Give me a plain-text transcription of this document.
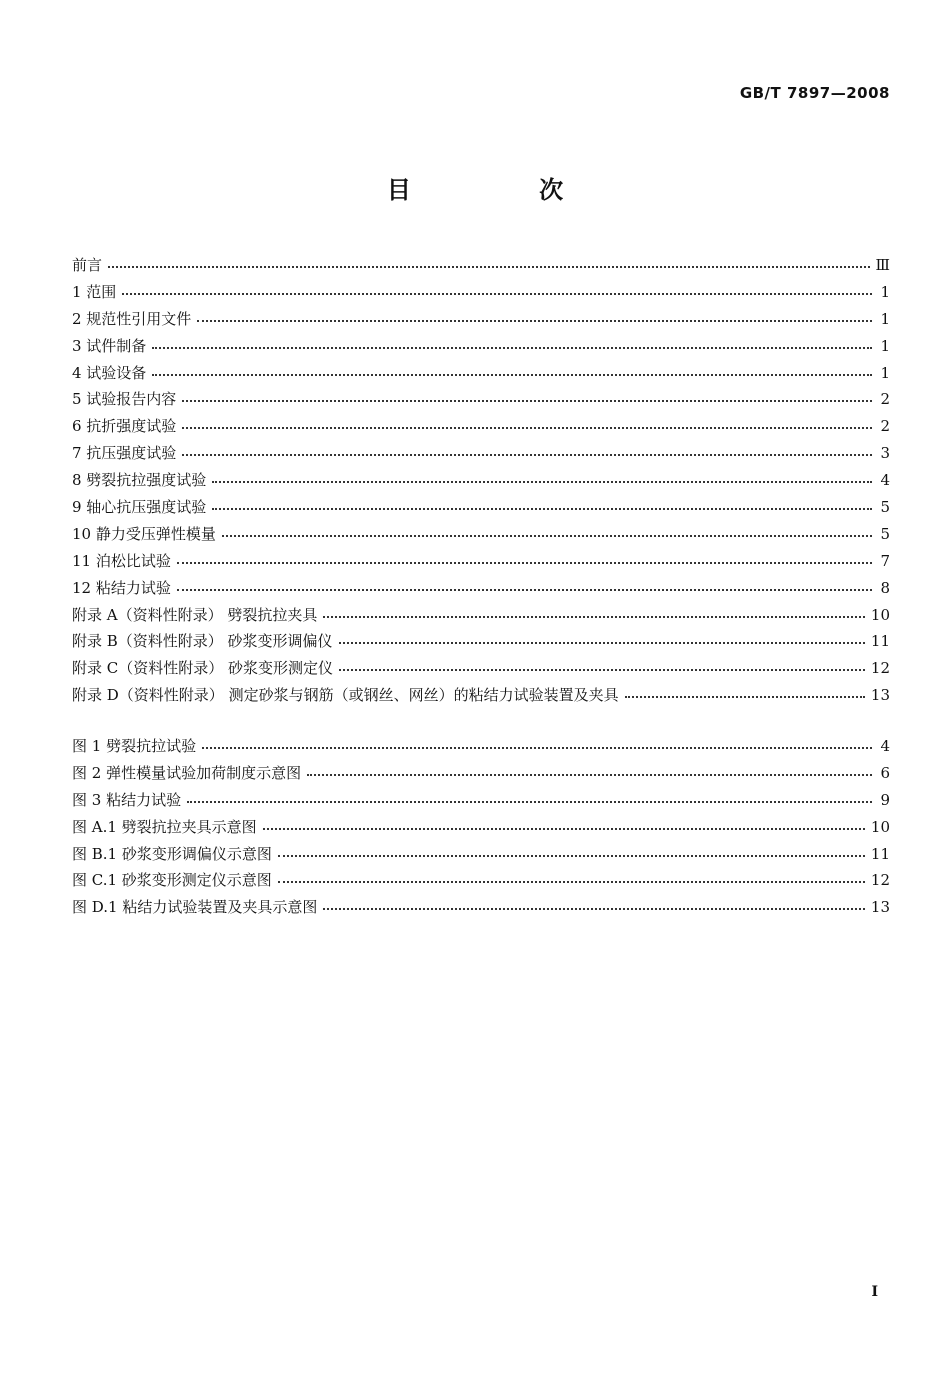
GB/T 7897—2008
目 次
前言	Ⅲ
1 范围	1
2 规范性引用文件	1
3 试件制备	1
4 试验设备	1
5 试验报告内容	2
6 抗折强度试验	2
7 抗压强度试验	3
8 劈裂抗拉强度试验	4
9 轴心抗压强度试验	5
10 静力受压弹性模量	5
11 泊松比试验	7
12 粘结力试验	8
附录 A（资料性附录） 劈裂抗拉夹具	10
附录 B（资料性附录） 砂浆变形调偏仪	11
附录 C（资料性附录） 砂浆变形测定仪	12
附录 D（资料性附录） 测定砂浆与钢筋（或钢丝、网丝）的粘结力试验装置及夹具	13
图 1 劈裂抗拉试验	4
图 2 弹性模量试验加荷制度示意图	6
图 3 粘结力试验	9
图 A.1 劈裂抗拉夹具示意图	10
图 B.1 砂浆变形调偏仪示意图	11
图 C.1 砂浆变形测定仪示意图	12
图 D.1 粘结力试验装置及夹具示意图	13
I
